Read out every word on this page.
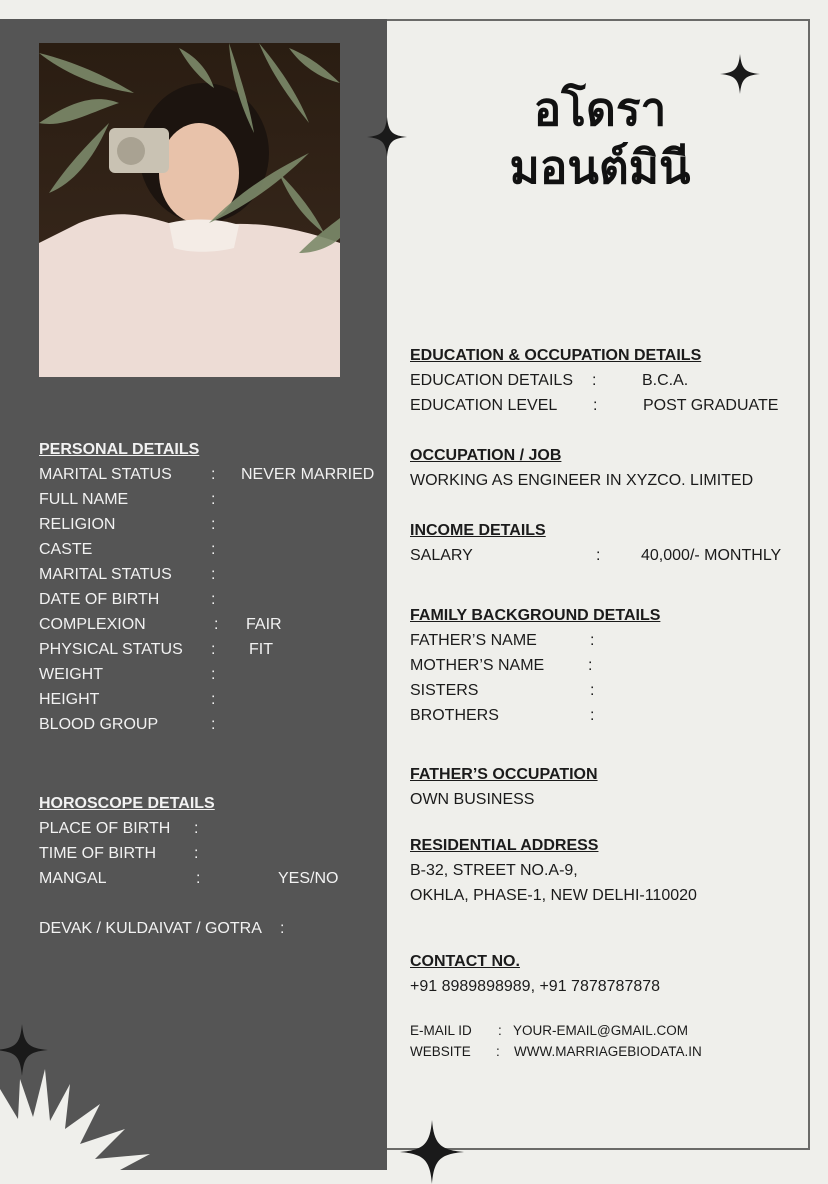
PERSONAL DETAILS
MARITAL STATUS : NEVER MARRIED
FULL NAME	:
RELIGION	:
CASTE	:
MARITAL STATUS :
DATE OF BIRTH	:
COMPLEXION	: FAIR
PHYSICAL STATUS : FIT
WEIGHT	:
HEIGHT	:
BLOOD GROUP	:
HOROSCOPE DETAILS
PLACE OF BIRTH :
TIME OF BIRTH :
MANGAL	:	YES/NO
DEVAK / KULDAIVAT / GOTRA :
อโดรา
มอนต์มินี
EDUCATION & OCCUPATION DETAILS
EDUCATION DETAILS :	B.C.A.
EDUCATION LEVEL :	POST GRADUATE
OCCUPATION / JOB
WORKING AS ENGINEER IN XYZCO. LIMITED
INCOME DETAILS
SALARY	:	40,000/- MONTHLY
FAMILY BACKGROUND DETAILS
FATHER’S NAME	:
MOTHER’S NAME	:
SISTERS	:
BROTHERS	:
FATHER’S OCCUPATION
OWN BUSINESS
RESIDENTIAL ADDRESS
B-32, STREET NO.A-9,
OKHLA, PHASE-1, NEW DELHI-110020
CONTACT NO.
+91 8989898989, +91 7878787878
E-MAIL ID : YOUR-EMAIL@GMAIL.COM
WEBSITE : WWW.MARRIAGEBIODATA.IN
